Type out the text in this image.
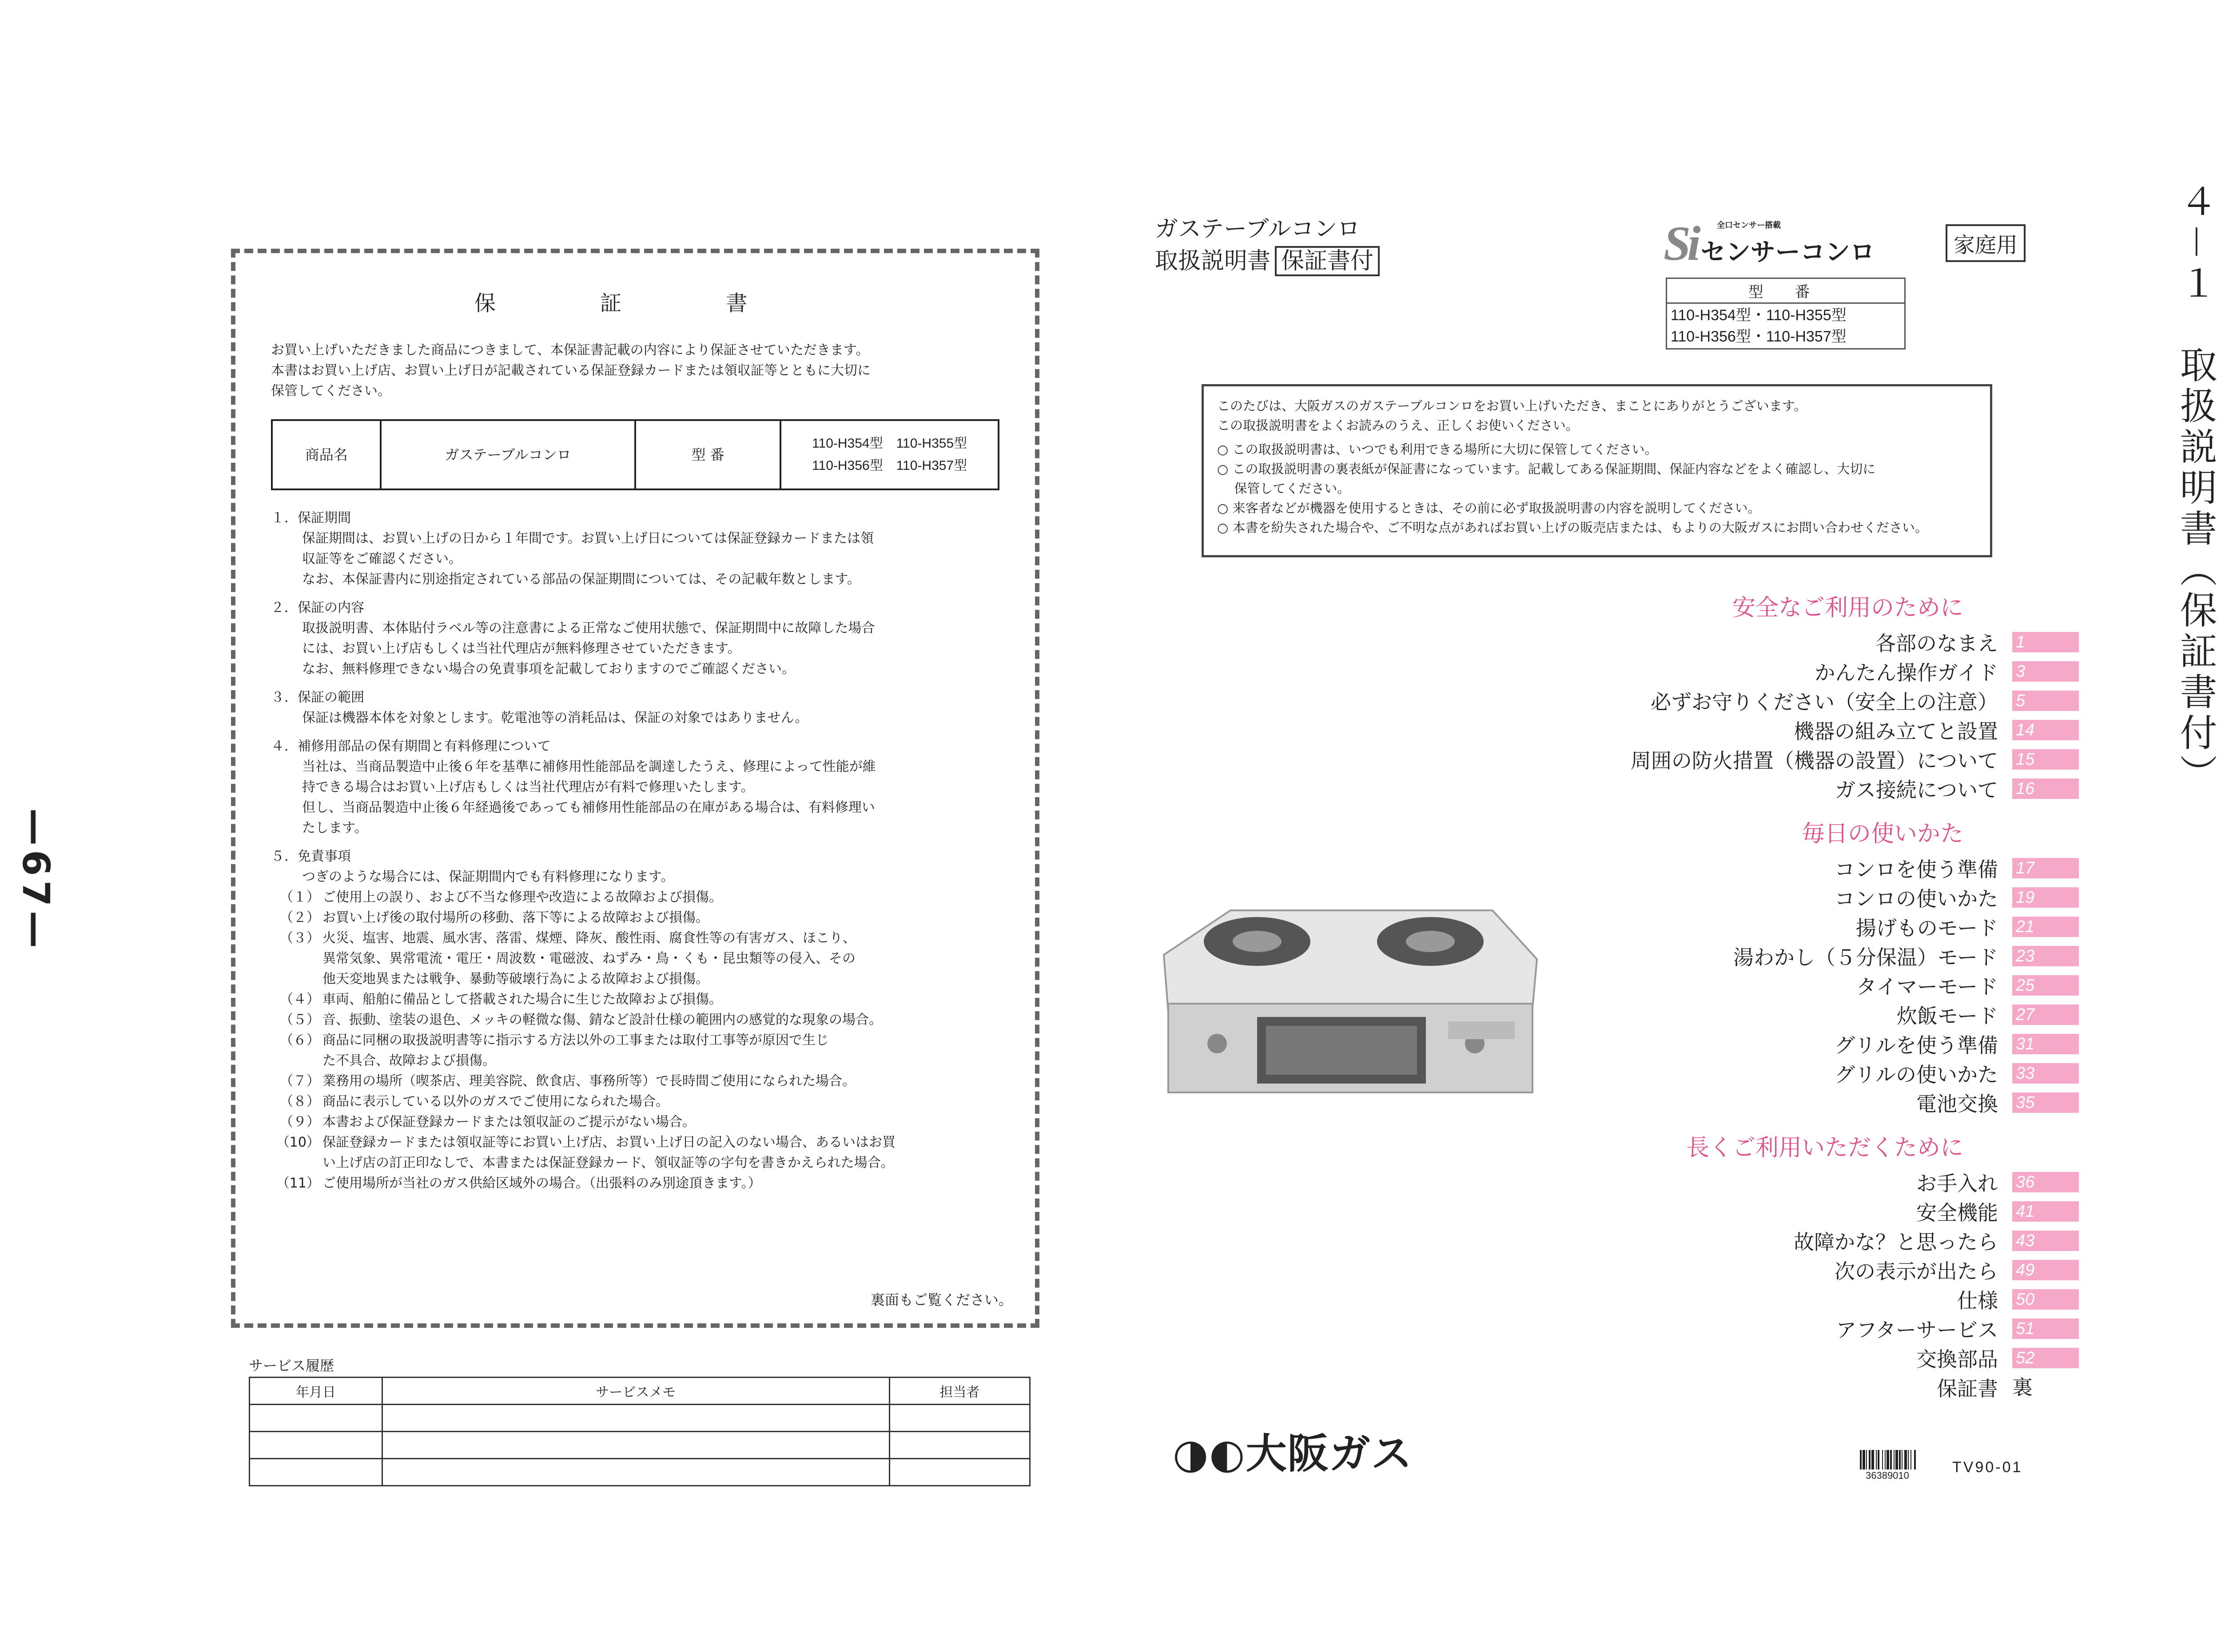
—67—
保 証 書
お買い上げいただきました商品につきまして、本保証書記載の内容により保証させていただきます。
本書はお買い上げ店、お買い上げ日が記載されている保証登録カードまたは領収証等とともに大切に
保管してください。
商品名	ガステーブルコンロ	型 番	
110-H354型　110-H355型
110-H356型　110-H357型
１．保証期間
保証期間は、お買い上げの日から１年間です。お買い上げ日については保証登録カードまたは領
収証等をご確認ください。
なお、本保証書内に別途指定されている部品の保証期間については、その記載年数とします。
２．保証の内容
取扱説明書、本体貼付ラベル等の注意書による正常なご使用状態で、保証期間中に故障した場合
には、お買い上げ店もしくは当社代理店が無料修理させていただきます。
なお、無料修理できない場合の免責事項を記載しておりますのでご確認ください。
３．保証の範囲
保証は機器本体を対象とします。乾電池等の消耗品は、保証の対象ではありません。
４．補修用部品の保有期間と有料修理について
当社は、当商品製造中止後６年を基準に補修用性能部品を調達したうえ、修理によって性能が維
持できる場合はお買い上げ店もしくは当社代理店が有料で修理いたします。
但し、当商品製造中止後６年経過後であっても補修用性能部品の在庫がある場合は、有料修理い
たします。
５．免責事項
つぎのような場合には、保証期間内でも有料修理になります。
（１） ご使用上の誤り、および不当な修理や改造による故障および損傷。
（２） お買い上げ後の取付場所の移動、落下等による故障および損傷。
（３） 火災、塩害、地震、風水害、落雷、煤煙、降灰、酸性雨、腐食性等の有害ガス、ほこり、
異常気象、異常電流・電圧・周波数・電磁波、ねずみ・鳥・くも・昆虫類等の侵入、その
他天変地異または戦争、暴動等破壊行為による故障および損傷。
（４） 車両、船舶に備品として搭載された場合に生じた故障および損傷。
（５） 音、振動、塗装の退色、メッキの軽微な傷、錆など設計仕様の範囲内の感覚的な現象の場合。
（６） 商品に同梱の取扱説明書等に指示する方法以外の工事または取付工事等が原因で生じ
た不具合、故障および損傷。
（７） 業務用の場所（喫茶店、理美容院、飲食店、事務所等）で長時間ご使用になられた場合。
（８） 商品に表示している以外のガスでご使用になられた場合。
（９） 本書および保証登録カードまたは領収証のご提示がない場合。
（10） 保証登録カードまたは領収証等にお買い上げ店、お買い上げ日の記入のない場合、あるいはお買
い上げ店の訂正印なしで、本書または保証登録カード、領収証等の字句を書きかえられた場合。
（11） ご使用場所が当社のガス供給区域外の場合。（出張料のみ別途頂きます。）
裏面もご覧ください。
サービス履歴
年月日	サービスメモ	担当者

ガステーブルコンロ
取扱説明書 保証書付
全口センサー搭載
Si センサーコンロ	家庭用
型 番

110-H354型・110-H355型
110-H356型・110-H357型
このたびは、大阪ガスのガステーブルコンロをお買い上げいただき、まことにありがとうございます。
この取扱説明書をよくお読みのうえ、正しくお使いください。
○ この取扱説明書は、いつでも利用できる場所に大切に保管してください。
○ この取扱説明書の裏表紙が保証書になっています。記載してある保証期間、保証内容などをよく確認し、大切に
　 保管してください。
○ 来客者などが機器を使用するときは、その前に必ず取扱説明書の内容を説明してください。
○ 本書を紛失された場合や、ご不明な点があればお買い上げの販売店または、もよりの大阪ガスにお問い合わせください。
安全なご利用のために
各部のなまえ	1
かんたん操作ガイド	3
必ずお守りください（安全上の注意）	5
機器の組み立てと設置	14
周囲の防火措置（機器の設置）について	15
ガス接続について	16
毎日の使いかた
コンロを使う準備	17
コンロの使いかた	19
揚げものモード	21
湯わかし（５分保温）モード	23
タイマーモード	25
炊飯モード	27
グリルを使う準備	31
グリルの使いかた	33
電池交換	35
長くご利用いただくために
お手入れ	36
安全機能	41
故障かな？と思ったら	43
次の表示が出たら	49
仕様	50
アフターサービス	51
交換部品	52
保証書 裏
４－１　取扱説明書（保証書付）
◑◐大阪ガス	36389010	TV90-01
